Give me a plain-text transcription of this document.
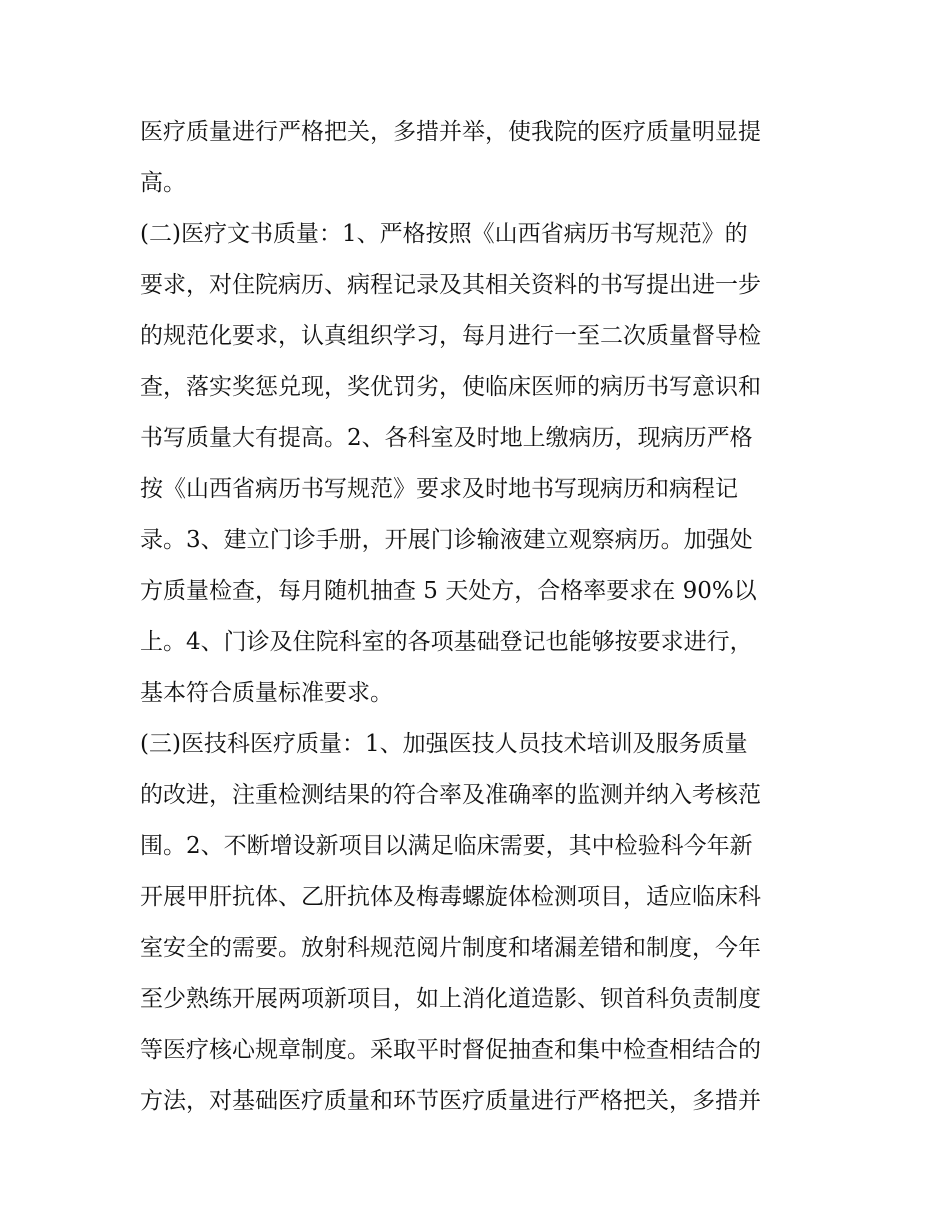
医疗质量进行严格把关，多措并举，使我院的医疗质量明显提
高。
(二)医疗文书质量：1、严格按照《山西省病历书写规范》的
要求，对住院病历、病程记录及其相关资料的书写提出进一步
的规范化要求，认真组织学习，每月进行一至二次质量督导检
查，落实奖惩兑现，奖优罚劣，使临床医师的病历书写意识和
书写质量大有提高。2、各科室及时地上缴病历，现病历严格
按《山西省病历书写规范》要求及时地书写现病历和病程记
录。3、建立门诊手册，开展门诊输液建立观察病历。加强处
方质量检查，每月随机抽查 5 天处方，合格率要求在 90%以
上。4、门诊及住院科室的各项基础登记也能够按要求进行，
基本符合质量标准要求。
(三)医技科医疗质量：1、加强医技人员技术培训及服务质量
的改进，注重检测结果的符合率及准确率的监测并纳入考核范
围。2、不断增设新项目以满足临床需要，其中检验科今年新
开展甲肝抗体、乙肝抗体及梅毒螺旋体检测项目，适应临床科
室安全的需要。放射科规范阅片制度和堵漏差错和制度，今年
至少熟练开展两项新项目，如上消化道造影、钡首科负责制度
等医疗核心规章制度。采取平时督促抽查和集中检查相结合的
方法，对基础医疗质量和环节医疗质量进行严格把关，多措并
